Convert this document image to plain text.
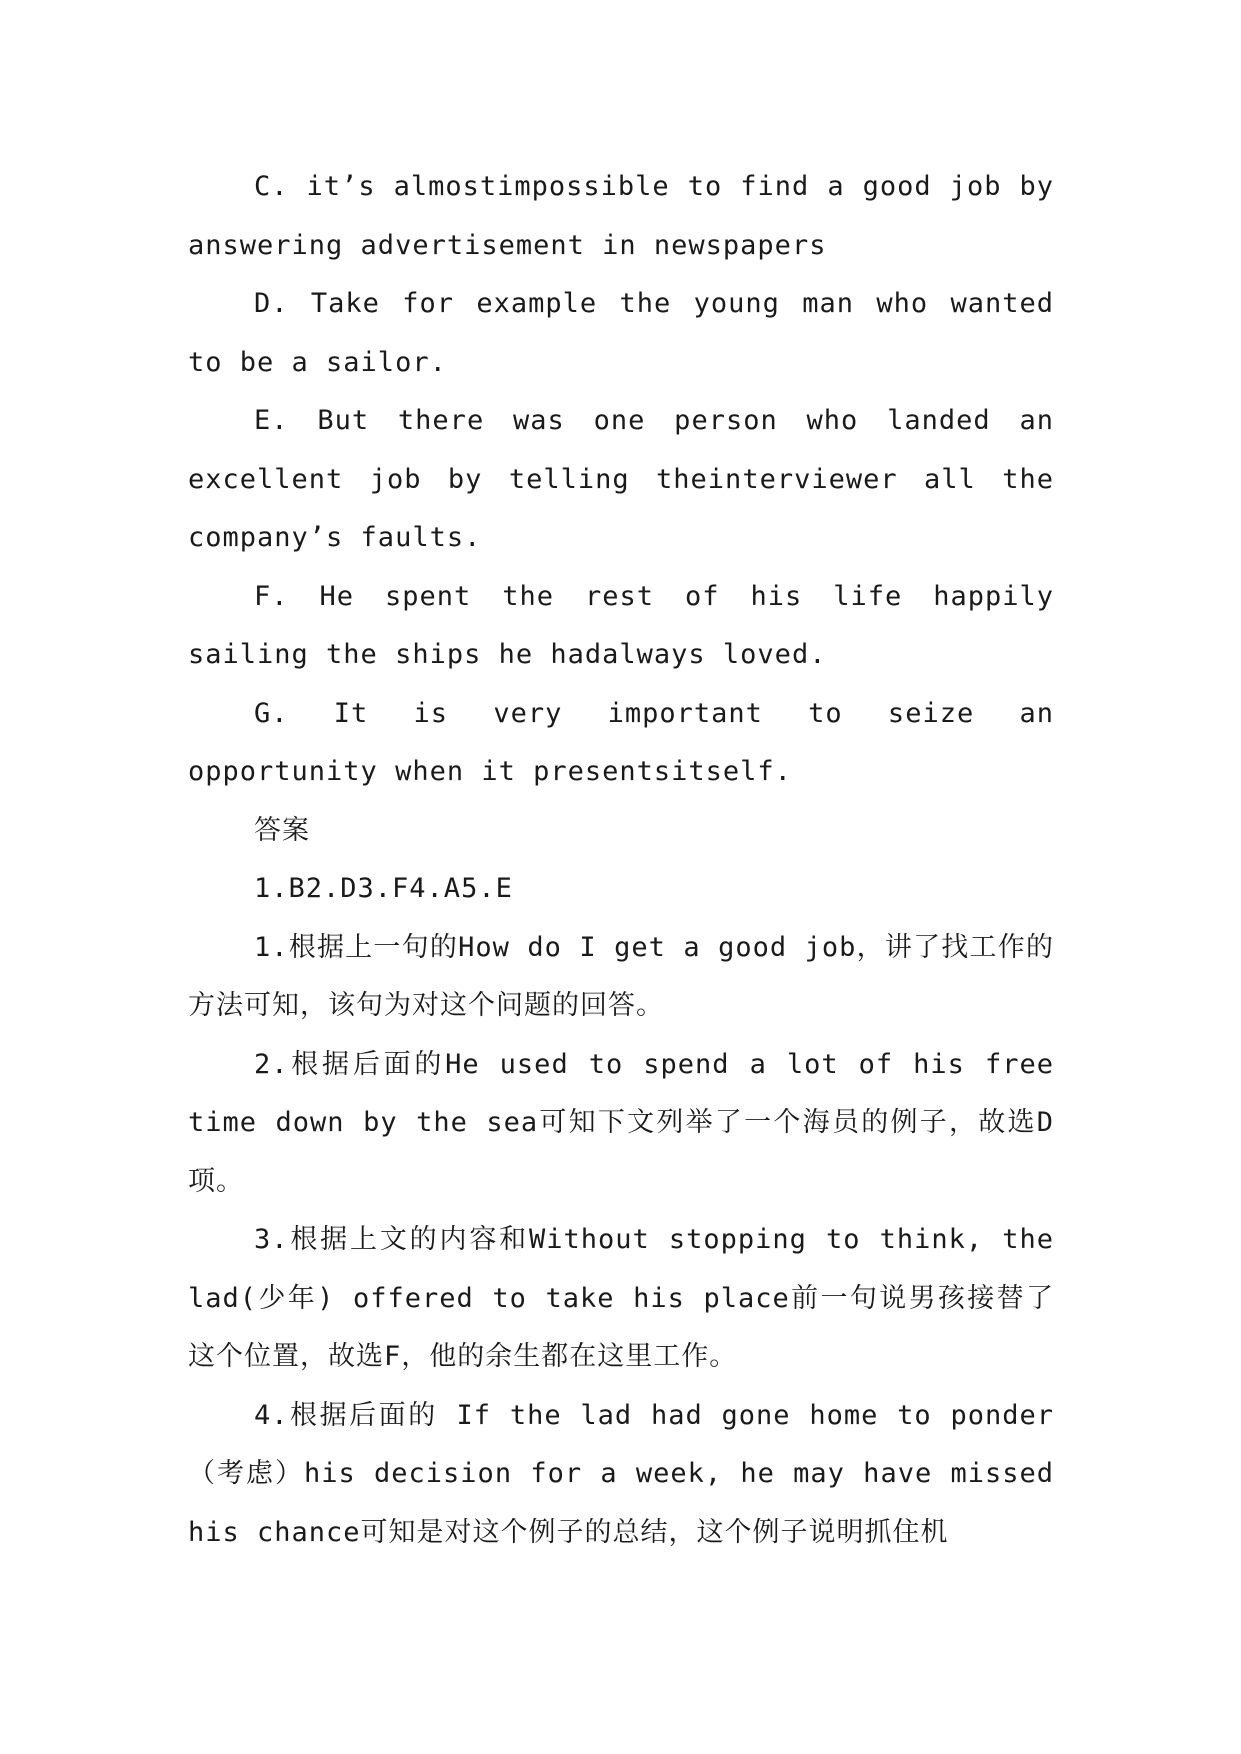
C. it’s almostimpossible to find a good job by answering advertisement in newspapers

D. Take for example the young man who wanted to be a sailor.

E. But there was one person who landed an excellent job by telling theinterviewer all the company’s faults.

F. He spent the rest of his life happily sailing the ships he hadalways loved.

G. It is very important to seize an opportunity when it presentsitself.

答案

1.B2.D3.F4.A5.E

1.根据上一句的How do I get a good job，讲了找工作的方法可知，该句为对这个问题的回答。

2.根据后面的He used to spend a lot of his free time down by the sea可知下文列举了一个海员的例子，故选D项。

3.根据上文的内容和Without stopping to think, the lad(少年) offered to take his place前一句说男孩接替了这个位置，故选F，他的余生都在这里工作。

4.根据后面的 If the lad had gone home to ponder（考虑）his decision for a week, he may have missed his chance可知是对这个例子的总结，这个例子说明抓住机
